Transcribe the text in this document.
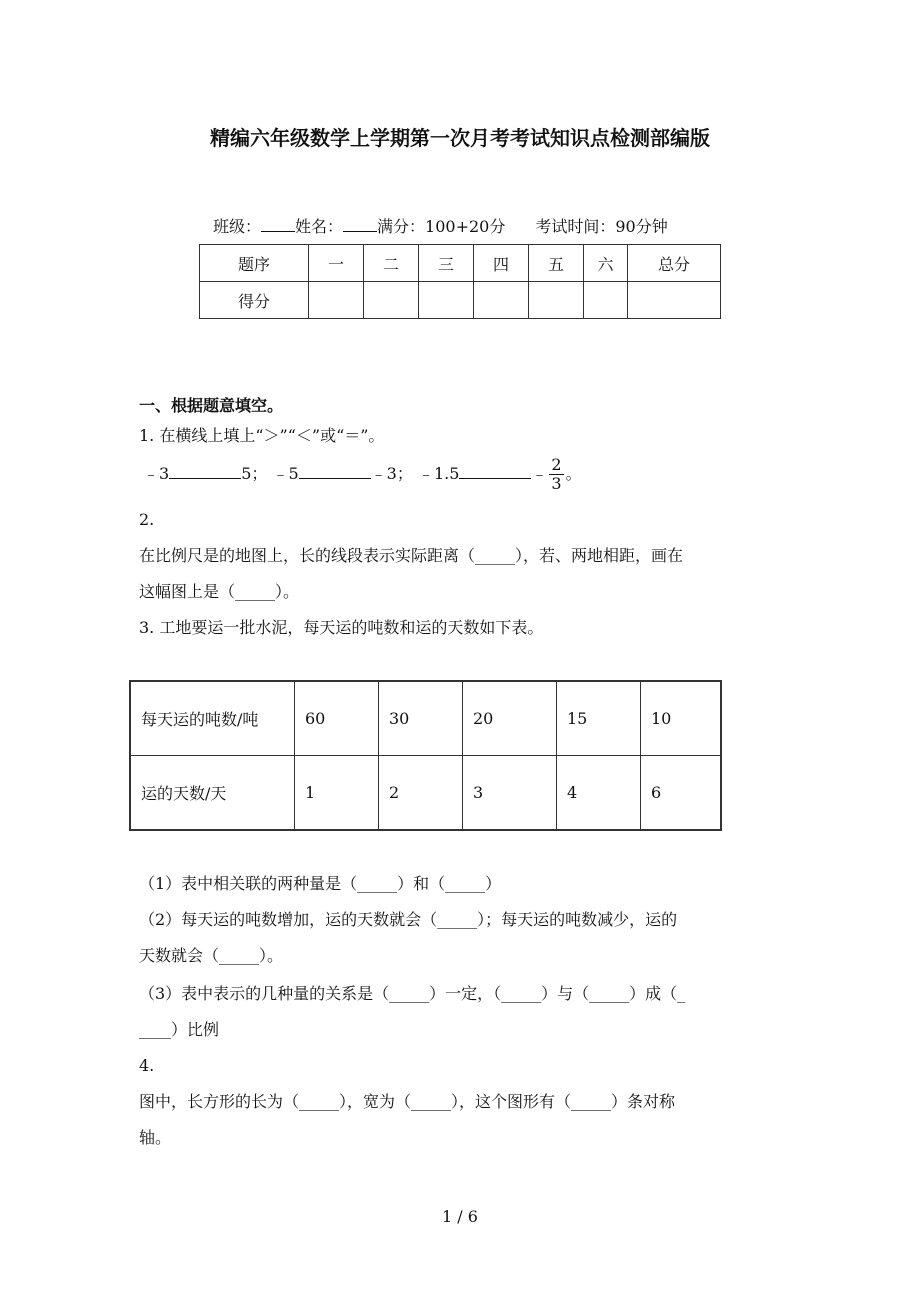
精编六年级数学上学期第一次月考考试知识点检测部编版
班级： 姓名： 满分：100+20分 考试时间：90分钟
题序	一	二	三	四	五	六	总分
得分							
一、根据题意填空。
1. 在横线上填上“＞”“＜”或“＝”。
﹣3	5； ﹣5	﹣3； ﹣1.5	﹣ $\frac{2}{3}$ 。
2.
在比例尺是的地图上，长的线段表示实际距离（_____），若、两地相距，画在
这幅图上是（_____）。
3. 工地要运一批水泥，每天运的吨数和运的天数如下表。
每天运的吨数/吨	60	30	20	15	10
运的天数/天	1	2	3	4	6
（1）表中相关联的两种量是（_____）和（_____）
（2）每天运的吨数增加，运的天数就会（_____）；每天运的吨数减少，运的
天数就会（_____）。
（3）表中表示的几种量的关系是（_____）一定，（_____）与（_____）成（_
____）比例
4.
图中，长方形的长为（_____），宽为（_____），这个图形有（_____）条对称
轴。
1 / 6
